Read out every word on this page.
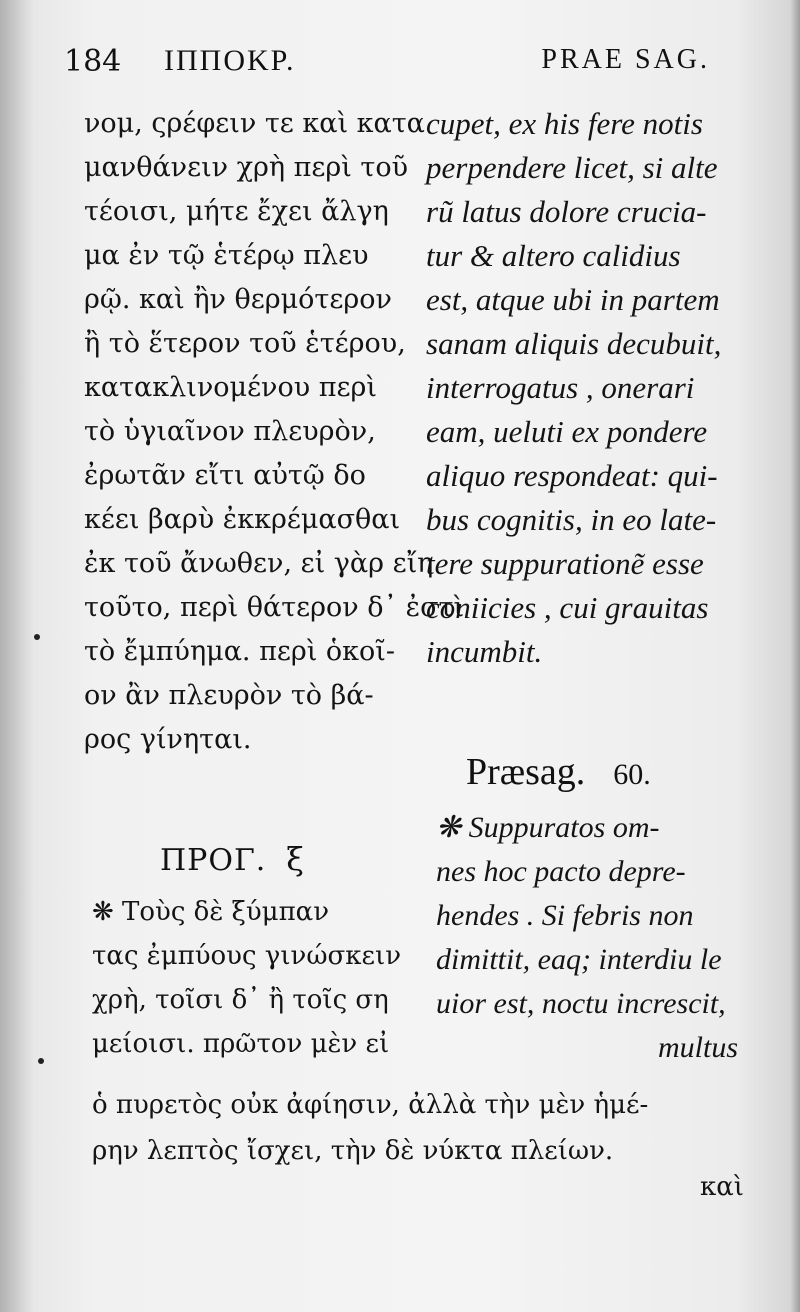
184 ΙΠΠΟΚΡ.	PRAE SAG.
νομ, ςρέφειν τε καὶ κατα
μανθάνειν χρὴ περὶ τοῦ
τέοισι, μήτε ἔχει ἄλγη
μα ἐν τῷ ἑτέρῳ πλευ
ρῷ. καὶ ἢν θερμότερον
ἢ τὸ ἕτερον τοῦ ἑτέρου,
κατακλινομένου περὶ
τὸ ὑγιαῖνον πλευρὸν,
ἐρωτᾶν εἴτι αὐτῷ δο
κέει βαρὺ ἐκκρέμασθαι
ἐκ τοῦ ἄνωθεν, εἰ γὰρ εἴη
τοῦτο, περὶ θάτερον δ᾽ ἐστὶ
τὸ ἔμπύημα. περὶ ὁκοῖ-
ον ἂν πλευρὸν τὸ βά-
ρος γίνηται.
cupet, ex his fere notis
perpendere licet, si alte
rũ latus dolore crucia-
tur & altero calidius
est, atque ubi in partem
sanam aliquis decubuit,
interrogatus , onerari
eam, ueluti ex pondere
aliquo respondeat: qui-
bus cognitis, in eo late-
tere suppuratione͂ esse
coniicies , cui grauitas
incumbit.
Præsag. 60.
ΠΡΟΓ. ξ
❋ Suppuratos om-
nes hoc pacto depre-
hendes . Si febris non
dimittit, eaq; interdiu le
uior est, noctu increscit,
multus
❋ Τοὺς δὲ ξύμπαν
τας ἐμπύους γινώσκειν
χρὴ, τοῖσι δ᾽ ἢ τοῖς ση
μείοισι. πρῶτον μὲν εἰ
ὁ πυρετὸς οὐκ ἀφίησιν, ἀλλὰ τὴν μὲν ἡμέ-
ρην λεπτὸς ἴσχει, τὴν δὲ νύκτα πλείων.
καὶ
